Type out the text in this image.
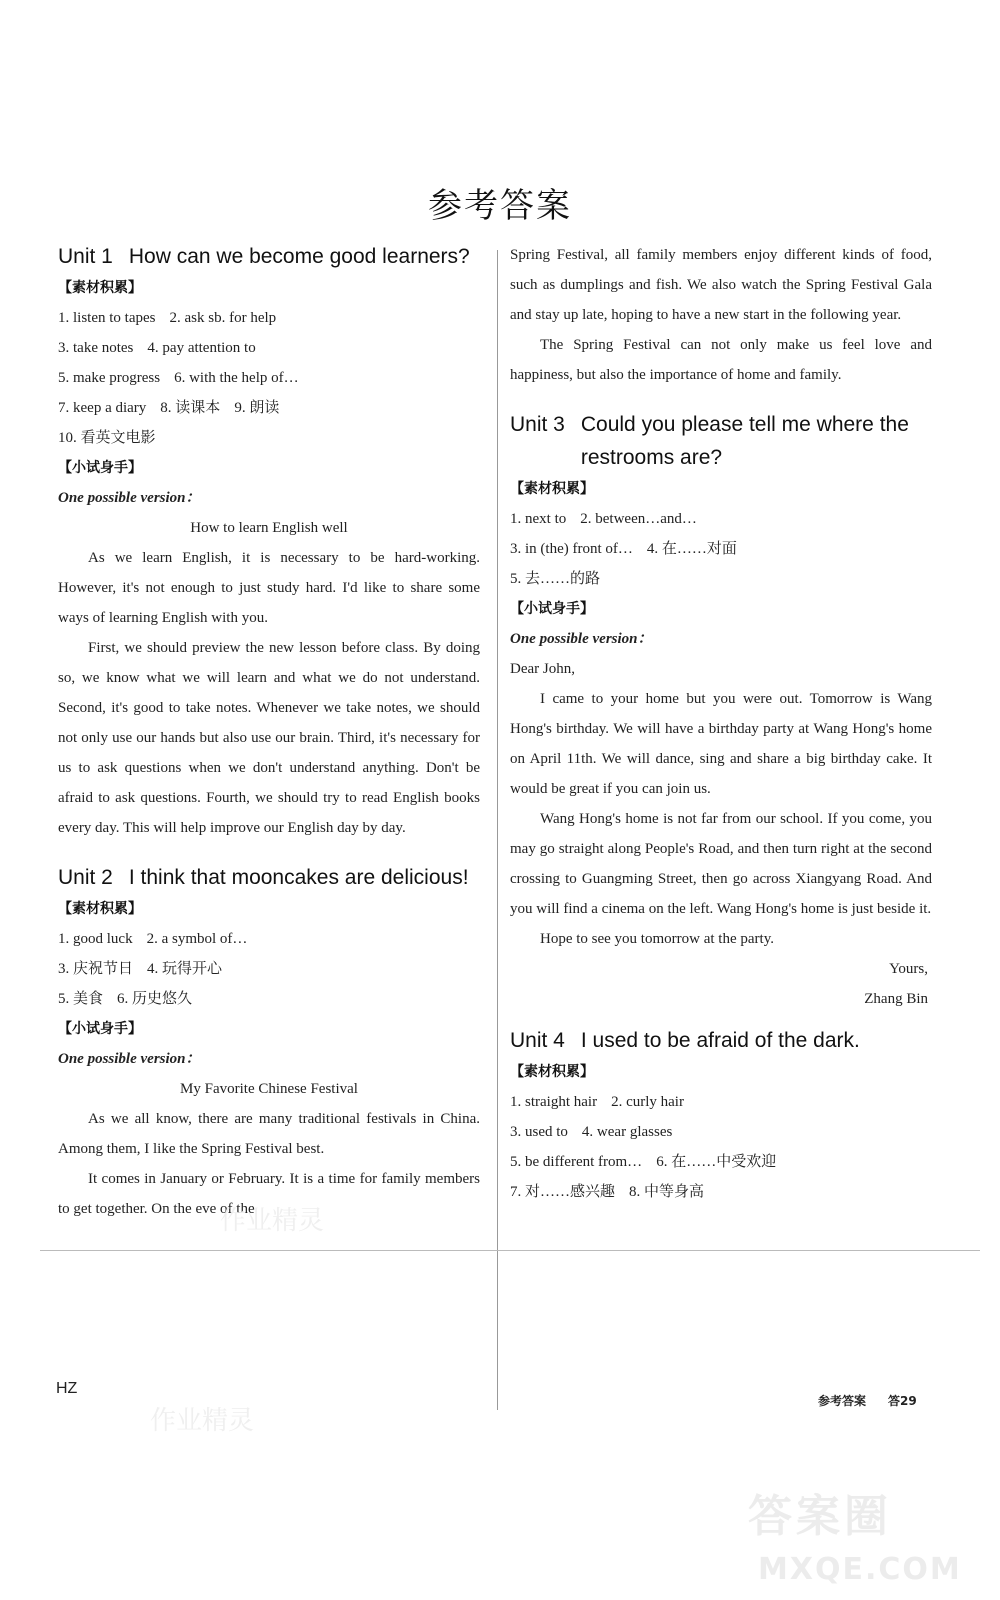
参考答案
Unit 1 How can we become good learners?
【素材积累】
1. listen to tapes 2. ask sb. for help
3. take notes 4. pay attention to
5. make progress 6. with the help of…
7. keep a diary 8. 读课本 9. 朗读
10. 看英文电影
【小试身手】
One possible version：
How to learn English well

As we learn English, it is necessary to be hard-working. However, it's not enough to just study hard. I'd like to share some ways of learning English with you.

First, we should preview the new lesson before class. By doing so, we know what we will learn and what we do not understand. Second, it's good to take notes. Whenever we take notes, we should not only use our hands but also use our brain. Third, it's necessary for us to ask questions when we don't understand anything. Don't be afraid to ask questions. Fourth, we should try to read English books every day. This will help improve our English day by day.

Unit 2 I think that mooncakes are delicious!
【素材积累】
1. good luck 2. a symbol of…
3. 庆祝节日 4. 玩得开心
5. 美食 6. 历史悠久
【小试身手】
One possible version：
My Favorite Chinese Festival

As we all know, there are many traditional festivals in China. Among them, I like the Spring Festival best.

It comes in January or February. It is a time for family members to get together. On the eve of the

Spring Festival, all family members enjoy different kinds of food, such as dumplings and fish. We also watch the Spring Festival Gala and stay up late, hoping to have a new start in the following year.

The Spring Festival can not only make us feel love and happiness, but also the importance of home and family.

Unit 3 Could you please tell me where the restrooms are?
【素材积累】
1. next to 2. between…and…
3. in (the) front of… 4. 在……对面
5. 去……的路
【小试身手】
One possible version：
Dear John,

I came to your home but you were out. Tomorrow is Wang Hong's birthday. We will have a birthday party at Wang Hong's home on April 11th. We will dance, sing and share a big birthday cake. It would be great if you can join us.

Wang Hong's home is not far from our school. If you come, you may go straight along People's Road, and then turn right at the second crossing to Guangming Street, then go across Xiangyang Road. And you will find a cinema on the left. Wang Hong's home is just beside it.

Hope to see you tomorrow at the party.

Yours,
Zhang Bin
Unit 4 I used to be afraid of the dark.
【素材积累】
1. straight hair 2. curly hair
3. used to 4. wear glasses
5. be different from… 6. 在……中受欢迎
7. 对……感兴趣 8. 中等身高
HZ
参考答案 答29
作业精灵
作业精灵
答案圈
MXQE.COM
